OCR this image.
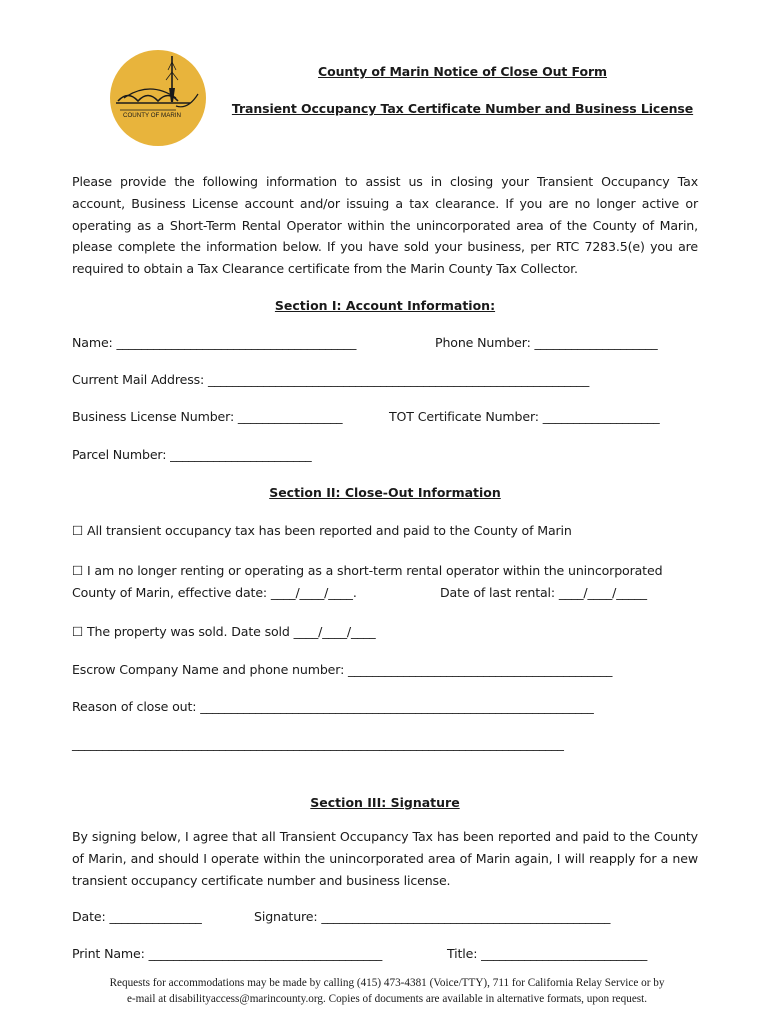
COUNTY OF MARIN
County of Marin Notice of Close Out Form
Transient Occupancy Tax Certificate Number and Business License
Please provide the following information to assist us in closing your Transient Occupancy Tax account, Business License account and/or issuing a tax clearance. If you are no longer active or operating as a Short-Term Rental Operator within the unincorporated area of the County of Marin, please complete the information below. If you have sold your business, per RTC 7283.5(e) you are required to obtain a Tax Clearance certificate from the Marin County Tax Collector.
Section I: Account Information:
Name: _______________________________________	Phone Number: ____________________
Current Mail Address: ______________________________________________________________
Business License Number: _________________	TOT Certificate Number: ___________________
Parcel Number: _______________________
Section II: Close-Out Information
☐ All transient occupancy tax has been reported and paid to the County of Marin
☐ I am no longer renting or operating as a short-term rental operator within the unincorporated
County of Marin, effective date: ____/____/____.	Date of last rental: ____/____/_____
☐ The property was sold. Date sold ____/____/____
Escrow Company Name and phone number: ___________________________________________
Reason of close out: ________________________________________________________________
________________________________________________________________________________
Section III: Signature
By signing below, I agree that all Transient Occupancy Tax has been reported and paid to the County of Marin, and should I operate within the unincorporated area of Marin again, I will reapply for a new transient occupancy certificate number and business license.
Date: _______________	Signature: _______________________________________________
Print Name: ______________________________________	Title: ___________________________
Requests for accommodations may be made by calling (415) 473-4381 (Voice/TTY), 711 for California Relay Service or by
e-mail at disabilityaccess@marincounty.org. Copies of documents are available in alternative formats, upon request.
